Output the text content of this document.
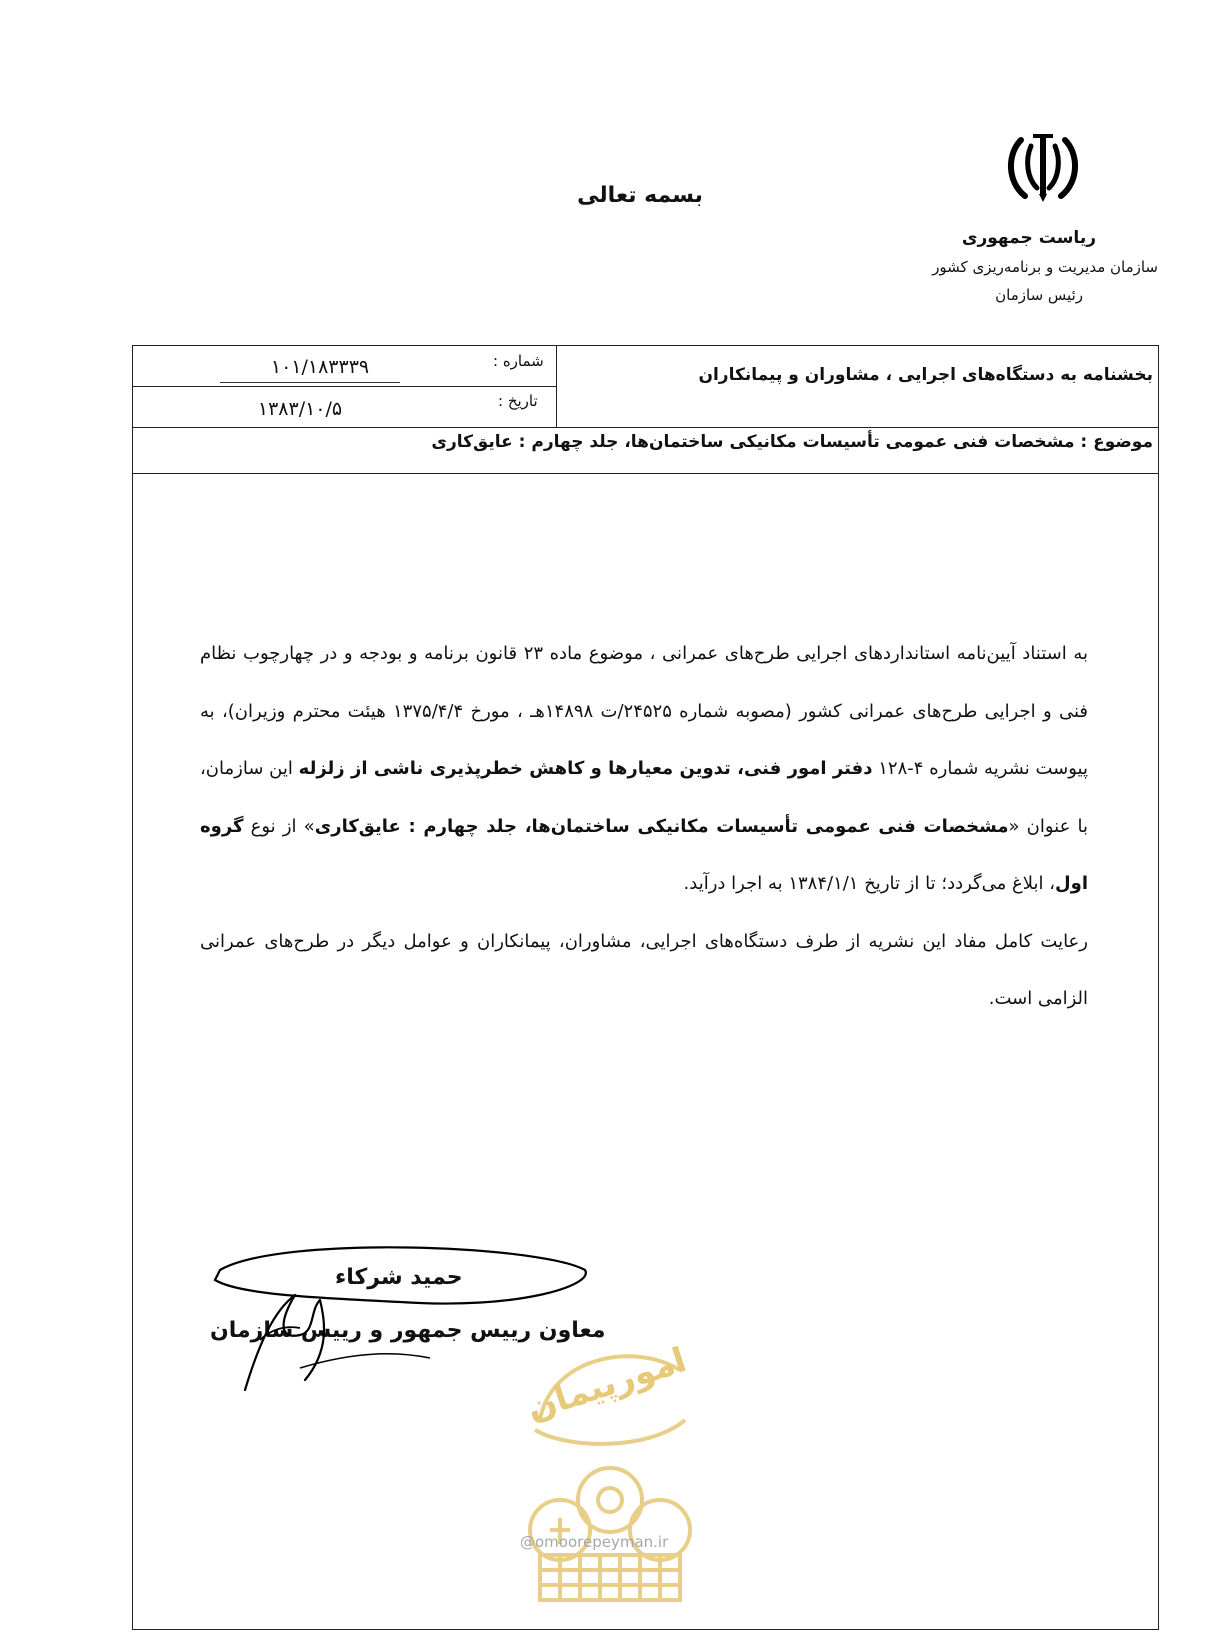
بسمه تعالی
ریاست جمهوری
سازمان مدیریت و برنامه‌ریزی کشور
رئیس سازمان
شماره :
۱۰۱/۱۸۳۳۳۹
تاریخ :
۱۳۸۳/۱۰/۵
بخشنامه به دستگاه‌های اجرایی ، مشاوران و پیمانکاران
موضوع : مشخصات فنی عمومی تأسیسات مکانیکی ساختمان‌ها، جلد چهارم : عایق‌کاری

به استناد آیین‌نامه استانداردهای اجرایی طرح‌های عمرانی ، موضوع ماده ۲۳ قانون برنامه و بودجه و در چهارچوب نظام فنی و اجرایی طرح‌های عمرانی کشور (مصوبه شماره ۲۴۵۲۵/ت ۱۴۸۹۸هـ ، مورخ ۱۳۷۵/۴/۴ هیئت محترم وزیران)، به پیوست نشریه شماره ۴-۱۲۸ دفتر امور فنی، تدوین معیارها و کاهش خطرپذیری ناشی از زلزله این سازمان، با عنوان «مشخصات فنی عمومی تأسیسات مکانیکی ساختمان‌ها، جلد چهارم : عایق‌کاری» از نوع گروه اول، ابلاغ می‌گردد؛ تا از تاریخ ۱۳۸۴/۱/۱ به اجرا درآید.

رعایت کامل مفاد این نشریه از طرف دستگاه‌های اجرایی، مشاوران، پیمانکاران و عوامل دیگر در طرح‌های عمرانی الزامی است.

امورپیمان
@omoorepeyman.ir
حمید شرکاء
معاون رییس جمهور و رییس سازمان
